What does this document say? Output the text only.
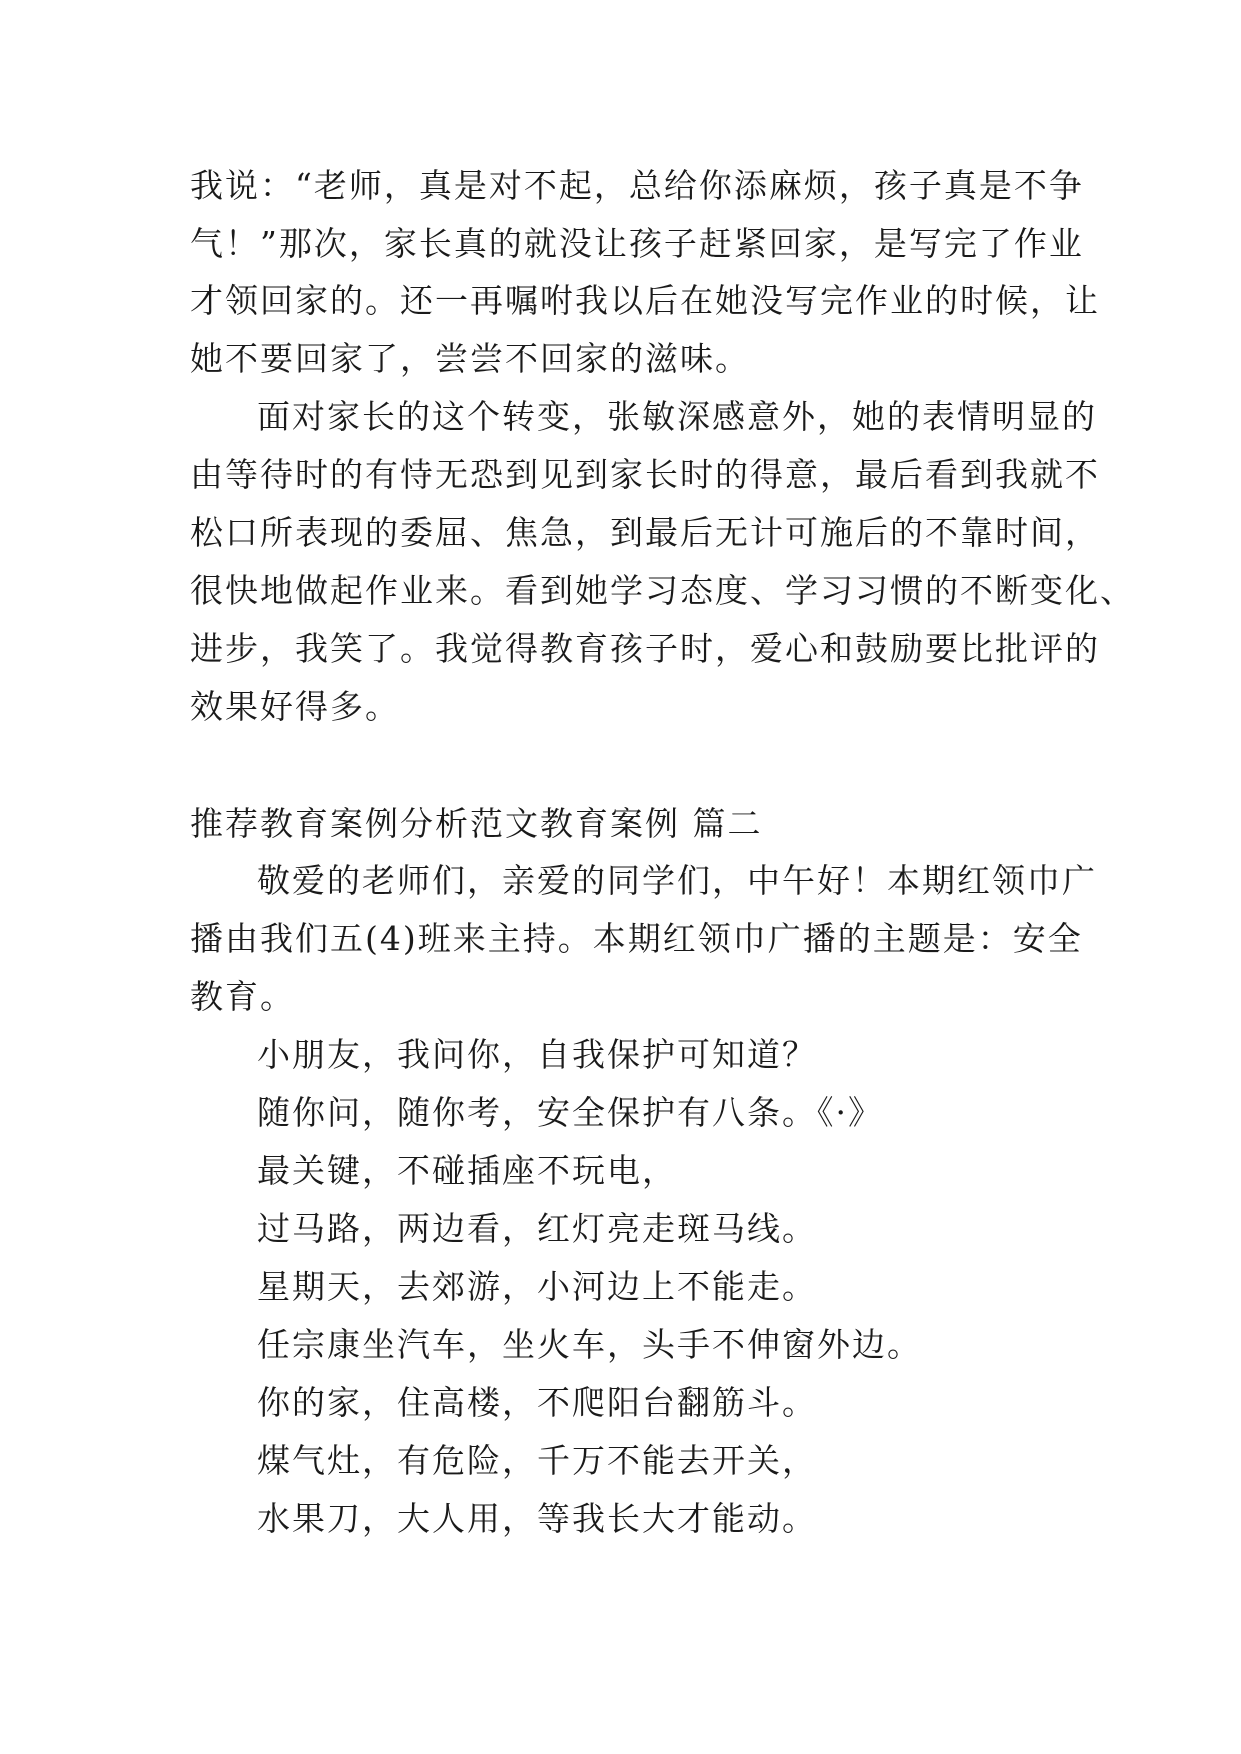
我说：“老师，真是对不起，总给你添麻烦，孩子真是不争
气！”那次，家长真的就没让孩子赶紧回家，是写完了作业
才领回家的。还一再嘱咐我以后在她没写完作业的时候，让
她不要回家了，尝尝不回家的滋味。
面对家长的这个转变，张敏深感意外，她的表情明显的
由等待时的有恃无恐到见到家长时的得意，最后看到我就不
松口所表现的委屈、焦急，到最后无计可施后的不靠时间，
很快地做起作业来。看到她学习态度、学习习惯的不断变化、
进步，我笑了。我觉得教育孩子时，爱心和鼓励要比批评的
效果好得多。
推荐教育案例分析范文教育案例 篇二
敬爱的老师们，亲爱的同学们，中午好！本期红领巾广
播由我们五(4)班来主持。本期红领巾广播的主题是：安全
教育。
小朋友，我问你，自我保护可知道？
随你问，随你考，安全保护有八条。《·》
最关键，不碰插座不玩电，
过马路，两边看，红灯亮走斑马线。
星期天，去郊游，小河边上不能走。
任宗康坐汽车，坐火车，头手不伸窗外边。
你的家，住高楼，不爬阳台翻筋斗。
煤气灶，有危险，千万不能去开关，
水果刀，大人用，等我长大才能动。
